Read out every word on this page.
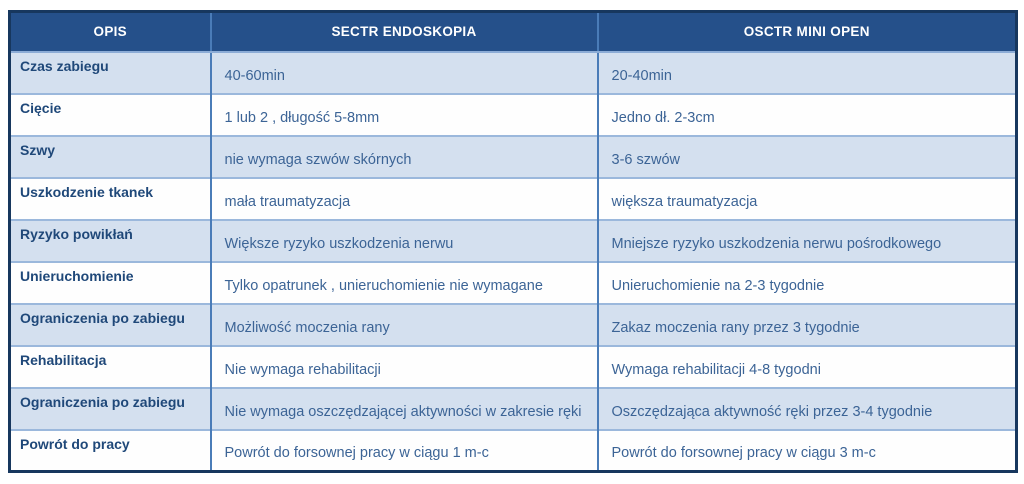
OPIS	SECTR ENDOSKOPIA	OSCTR MINI OPEN
Czas zabiegu	40-60min	20-40min
Cięcie	1 lub 2 , długość 5-8mm	Jedno dł. 2-3cm
Szwy	nie wymaga szwów skórnych	3-6 szwów
Uszkodzenie tkanek	mała traumatyzacja	większa traumatyzacja
Ryzyko powikłań	Większe ryzyko uszkodzenia nerwu	Mniejsze ryzyko uszkodzenia nerwu pośrodkowego
Unieruchomienie	Tylko opatrunek , unieruchomienie nie wymagane	Unieruchomienie na 2-3 tygodnie
Ograniczenia po zabiegu	Możliwość moczenia rany	Zakaz moczenia rany przez 3 tygodnie
Rehabilitacja	Nie wymaga rehabilitacji	Wymaga rehabilitacji 4-8 tygodni
Ograniczenia po zabiegu	Nie wymaga oszczędzającej aktywności w zakresie ręki	Oszczędzająca aktywność ręki przez 3-4 tygodnie
Powrót do pracy	Powrót do forsownej pracy w ciągu 1 m-c	Powrót do forsownej pracy w ciągu 3 m-c
